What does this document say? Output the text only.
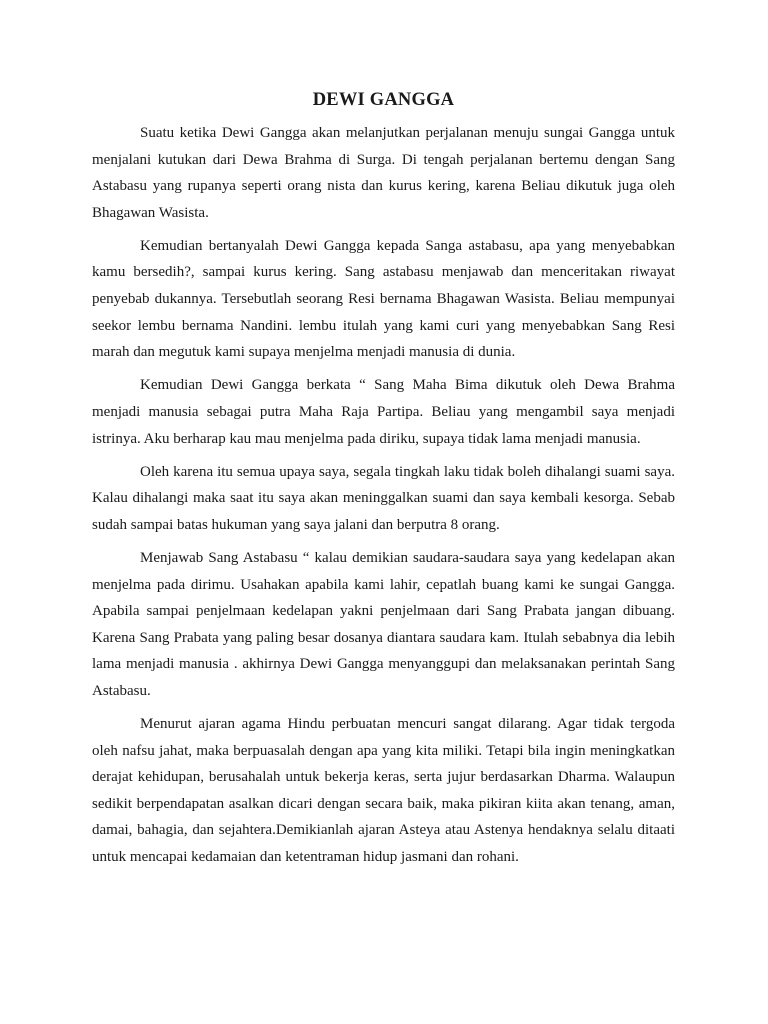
DEWI GANGGA

Suatu ketika Dewi Gangga akan melanjutkan perjalanan menuju sungai Gangga untuk menjalani kutukan dari Dewa Brahma di Surga. Di tengah perjalanan bertemu dengan Sang Astabasu yang rupanya seperti orang nista dan kurus kering, karena Beliau dikutuk juga oleh Bhagawan Wasista.

Kemudian bertanyalah Dewi Gangga kepada Sanga astabasu, apa yang menyebabkan kamu bersedih?, sampai kurus kering. Sang astabasu menjawab dan menceritakan riwayat penyebab dukannya. Tersebutlah seorang Resi bernama Bhagawan Wasista. Beliau mempunyai seekor lembu bernama Nandini. lembu itulah yang kami curi yang menyebabkan Sang Resi marah dan megutuk kami supaya menjelma menjadi manusia di dunia.

Kemudian Dewi Gangga berkata “ Sang Maha Bima dikutuk oleh Dewa Brahma menjadi manusia sebagai putra Maha Raja Partipa. Beliau yang mengambil saya menjadi istrinya. Aku berharap kau mau menjelma pada diriku, supaya tidak lama menjadi manusia.

Oleh karena itu semua upaya saya, segala tingkah laku tidak boleh dihalangi suami saya. Kalau dihalangi maka saat itu saya akan meninggalkan suami dan saya kembali kesorga. Sebab sudah sampai batas hukuman yang saya jalani dan berputra 8 orang.

Menjawab Sang Astabasu “ kalau demikian saudara-saudara saya yang kedelapan akan menjelma pada dirimu. Usahakan apabila kami lahir, cepatlah buang kami ke sungai Gangga. Apabila sampai penjelmaan kedelapan yakni penjelmaan dari Sang Prabata jangan dibuang. Karena Sang Prabata yang paling besar dosanya diantara saudara kam. Itulah sebabnya dia lebih lama menjadi manusia . akhirnya Dewi Gangga menyanggupi dan melaksanakan perintah Sang Astabasu.

Menurut ajaran agama Hindu perbuatan mencuri sangat dilarang. Agar tidak tergoda oleh nafsu jahat, maka berpuasalah dengan apa yang kita miliki. Tetapi bila ingin meningkatkan derajat kehidupan, berusahalah untuk bekerja keras, serta jujur berdasarkan Dharma. Walaupun sedikit berpendapatan asalkan dicari dengan secara baik, maka pikiran kiita akan tenang, aman, damai, bahagia, dan sejahtera.Demikianlah ajaran Asteya atau Astenya hendaknya selalu ditaati untuk mencapai kedamaian dan ketentraman hidup jasmani dan rohani.
